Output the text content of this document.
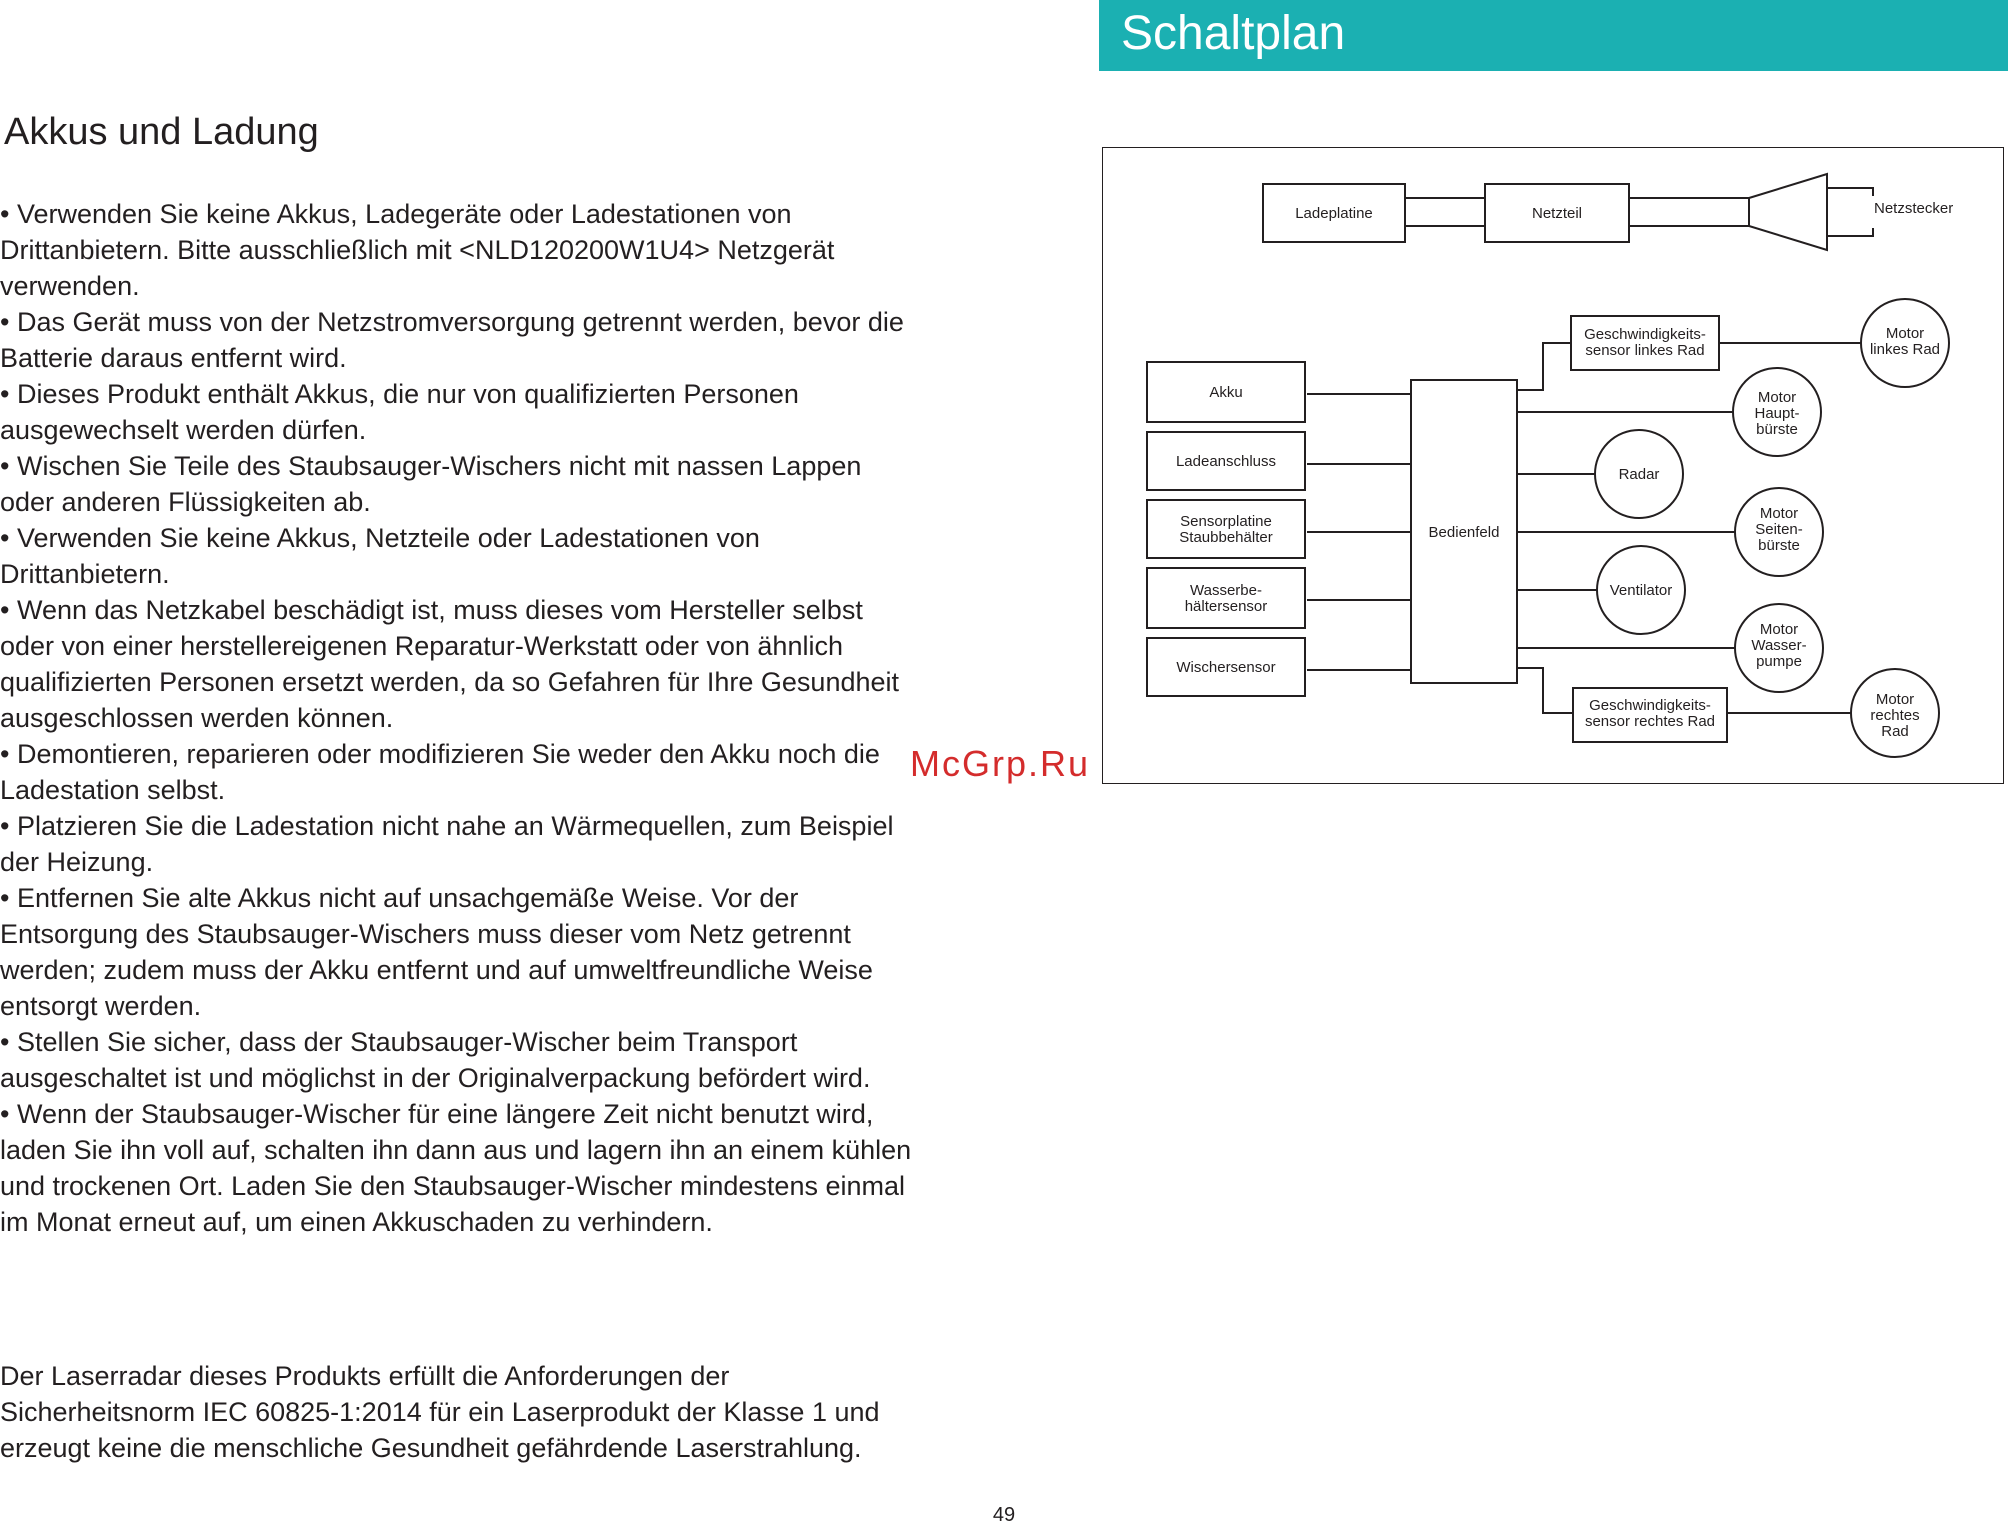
Schaltplan
Akkus und Ladung
• Verwenden Sie keine Akkus, Ladegeräte oder Ladestationen von Drittanbietern. Bitte ausschließlich mit <NLD120200W1U4> Netzgerät verwenden.
• Das Gerät muss von der Netzstromversorgung getrennt werden, bevor die Batterie daraus entfernt wird.
• Dieses Produkt enthält Akkus, die nur von qualifizierten Personen ausgewechselt werden dürfen.
• Wischen Sie Teile des Staubsauger-Wischers nicht mit nassen Lappen oder anderen Flüssigkeiten ab.
• Verwenden Sie keine Akkus, Netzteile oder Ladestationen von Drittanbietern.
• Wenn das Netzkabel beschädigt ist, muss dieses vom Hersteller selbst oder von einer herstellereigenen Reparatur-Werkstatt oder von ähnlich qualifizierten Personen ersetzt werden, da so Gefahren für Ihre Gesundheit ausgeschlossen werden können.
• Demontieren, reparieren oder modifizieren Sie weder den Akku noch die Ladestation selbst.
• Platzieren Sie die Ladestation nicht nahe an Wärmequellen, zum Beispiel der Heizung.
• Entfernen Sie alte Akkus nicht auf unsachgemäße Weise. Vor der Entsorgung des Staubsauger-Wischers muss dieser vom Netz getrennt werden; zudem muss der Akku entfernt und auf umweltfreundliche Weise entsorgt werden.
• Stellen Sie sicher, dass der Staubsauger-Wischer beim Transport ausgeschaltet ist und möglichst in der Originalverpackung befördert wird.
• Wenn der Staubsauger-Wischer für eine längere Zeit nicht benutzt wird, laden Sie ihn voll auf, schalten ihn dann aus und lagern ihn an einem kühlen und trockenen Ort. Laden Sie den Staubsauger-Wischer mindestens einmal im Monat erneut auf, um einen Akkuschaden zu verhindern.

Der Laserradar dieses Produkts erfüllt die Anforderungen der Sicherheitsnorm IEC 60825-1:2014 für ein Laserprodukt der Klasse 1 und erzeugt keine die menschliche Gesundheit gefährdende Laserstrahlung.

McGrp.Ru
Ladeplatine	Netzteil	Netzstecker
Akku
Ladeanschluss
Sensorplatine
Staubbehälter
Wasserbe-
hältersensor
Wischersensor
Bedienfeld
Geschwindigkeits-
sensor linkes Rad
Geschwindigkeits-
sensor rechtes Rad
Radar
Ventilator
Motor
linkes Rad
Motor
Haupt-
bürste
Motor
Seiten-
bürste
Motor
Wasser-
pumpe
Motor
rechtes
Rad
49
